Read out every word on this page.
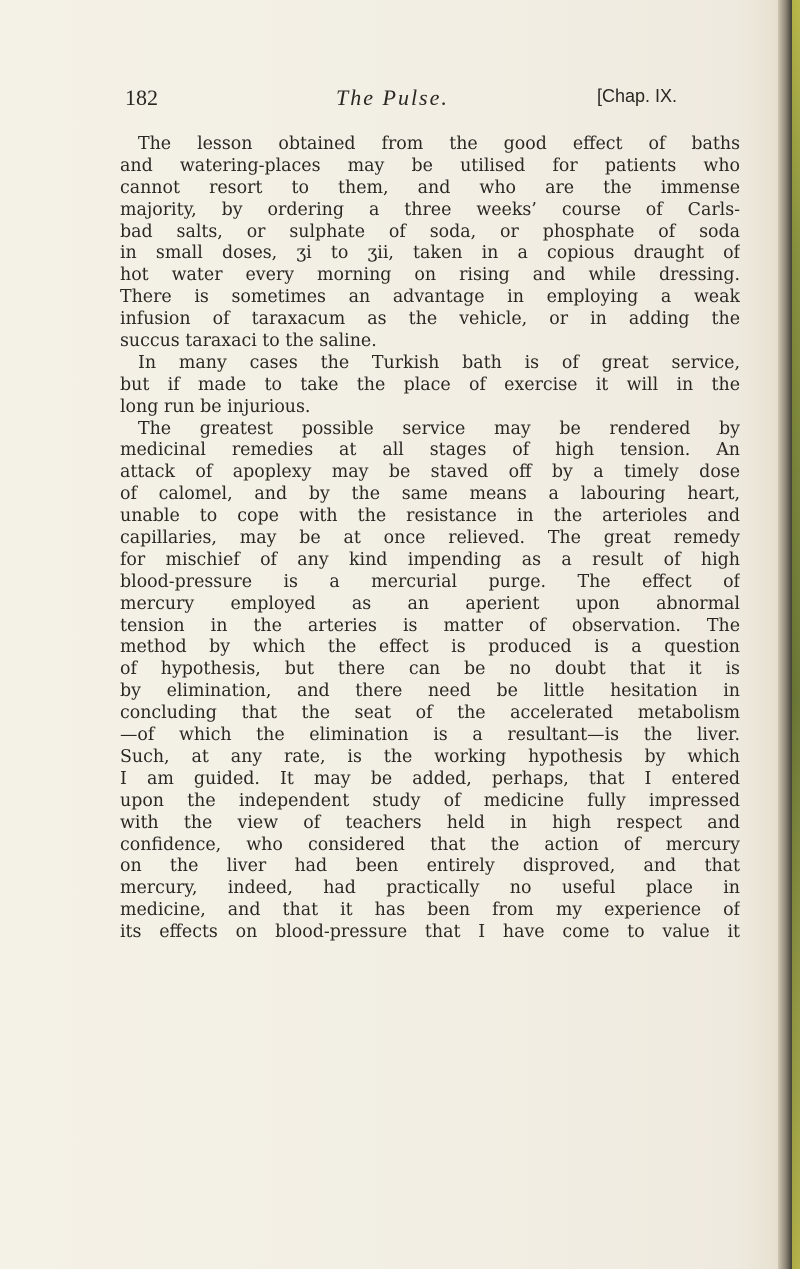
182	The Pulse.	[Chap. IX.
The lesson obtained from the good effect of baths
and watering-places may be utilised for patients who
cannot resort to them, and who are the immense
majority, by ordering a three weeks’ course of Carls-
bad salts, or sulphate of soda, or phosphate of soda
in small doses, ʒi to ʒii, taken in a copious draught of
hot water every morning on rising and while dressing.
There is sometimes an advantage in employing a weak
infusion of taraxacum as the vehicle, or in adding the
succus taraxaci to the saline.
In many cases the Turkish bath is of great service,
but if made to take the place of exercise it will in the
long run be injurious.
The greatest possible service may be rendered by
medicinal remedies at all stages of high tension. An
attack of apoplexy may be staved off by a timely dose
of calomel, and by the same means a labouring heart,
unable to cope with the resistance in the arterioles and
capillaries, may be at once relieved. The great remedy
for mischief of any kind impending as a result of high
blood-pressure is a mercurial purge. The effect of
mercury employed as an aperient upon abnormal
tension in the arteries is matter of observation. The
method by which the effect is produced is a question
of hypothesis, but there can be no doubt that it is
by elimination, and there need be little hesitation in
concluding that the seat of the accelerated metabolism
—of which the elimination is a resultant—is the liver.
Such, at any rate, is the working hypothesis by which
I am guided. It may be added, perhaps, that I entered
upon the independent study of medicine fully impressed
with the view of teachers held in high respect and
confidence, who considered that the action of mercury
on the liver had been entirely disproved, and that
mercury, indeed, had practically no useful place in
medicine, and that it has been from my experience of
its effects on blood-pressure that I have come to value it
